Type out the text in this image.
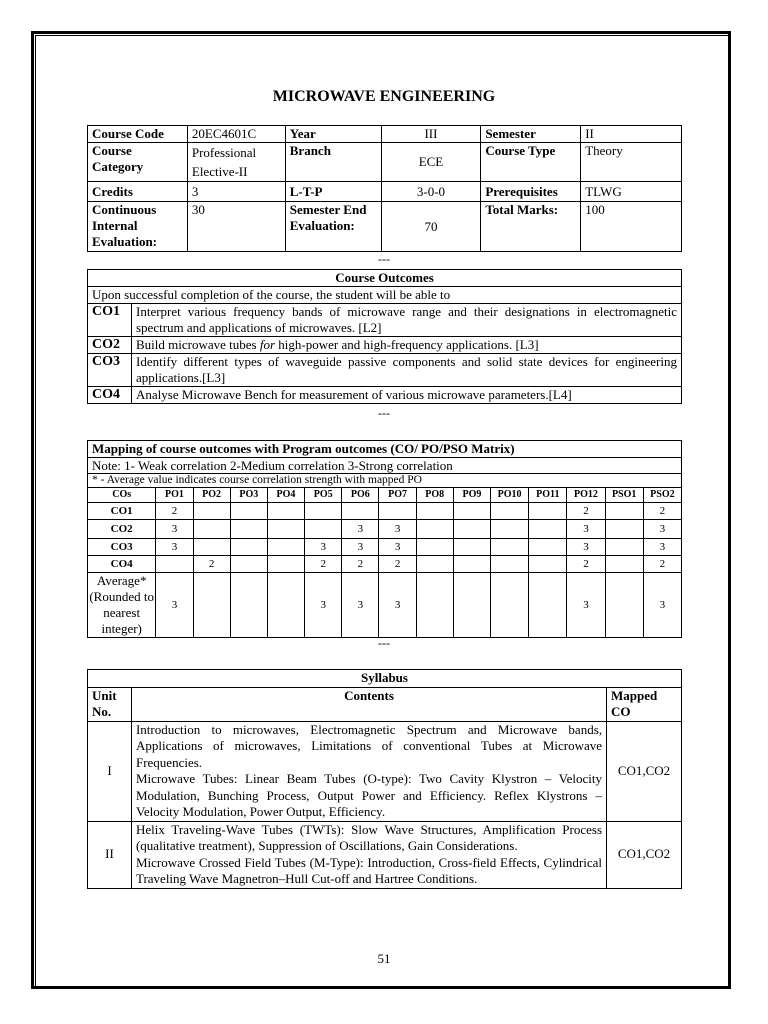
MICROWAVE ENGINEERING
Course Code	20EC4601C	Year	III	Semester	II
Course Category	Professional Elective-II	Branch	ECE	Course Type	Theory
Credits	3	L-T-P	3-0-0	Prerequisites	TLWG
Continuous Internal Evaluation:	30	Semester End Evaluation:	70	Total Marks:	100
---
Course Outcomes	
Upon successful completion of the course, the student will be able to	
CO1	Interpret various frequency bands of microwave range and their designations in electromagnetic spectrum and applications of microwaves. [L2]
CO2	Build microwave tubes for high-power and high-frequency applications. [L3]
CO3	Identify different types of waveguide passive components and solid state devices for engineering applications.[L3]
CO4	Analyse Microwave Bench for measurement of various microwave parameters.[L4]
---
Mapping of course outcomes with Program outcomes (CO/ PO/PSO Matrix)														
Note: 1- Weak correlation 2-Medium correlation 3-Strong correlation														
* - Average value indicates course correlation strength with mapped PO														
COs	PO1	PO2	PO3	PO4	PO5	PO6	PO7	PO8	PO9	PO10	PO11	PO12	PSO1	PSO2
CO1	2											2		2
CO2	3					3	3					3		3
CO3	3				3	3	3					3		3
CO4		2			2	2	2					2		2
Average* (Rounded to nearest integer)	3				3	3	3					3		3
---
Syllabus		
Unit No.	Contents	Mapped CO
I	Introduction to microwaves, Electromagnetic Spectrum and Microwave bands, Applications of microwaves, Limitations of conventional Tubes at Microwave Frequencies.
Microwave Tubes: Linear Beam Tubes (O-type): Two Cavity Klystron – Velocity Modulation, Bunching Process, Output Power and Efficiency. Reflex Klystrons – Velocity Modulation, Power Output, Efficiency.	CO1,CO2
II	Helix Traveling-Wave Tubes (TWTs): Slow Wave Structures, Amplification Process (qualitative treatment), Suppression of Oscillations, Gain Considerations.
Microwave Crossed Field Tubes (M-Type): Introduction, Cross-field Effects, Cylindrical Traveling Wave Magnetron–Hull Cut-off and Hartree Conditions.	CO1,CO2
51
